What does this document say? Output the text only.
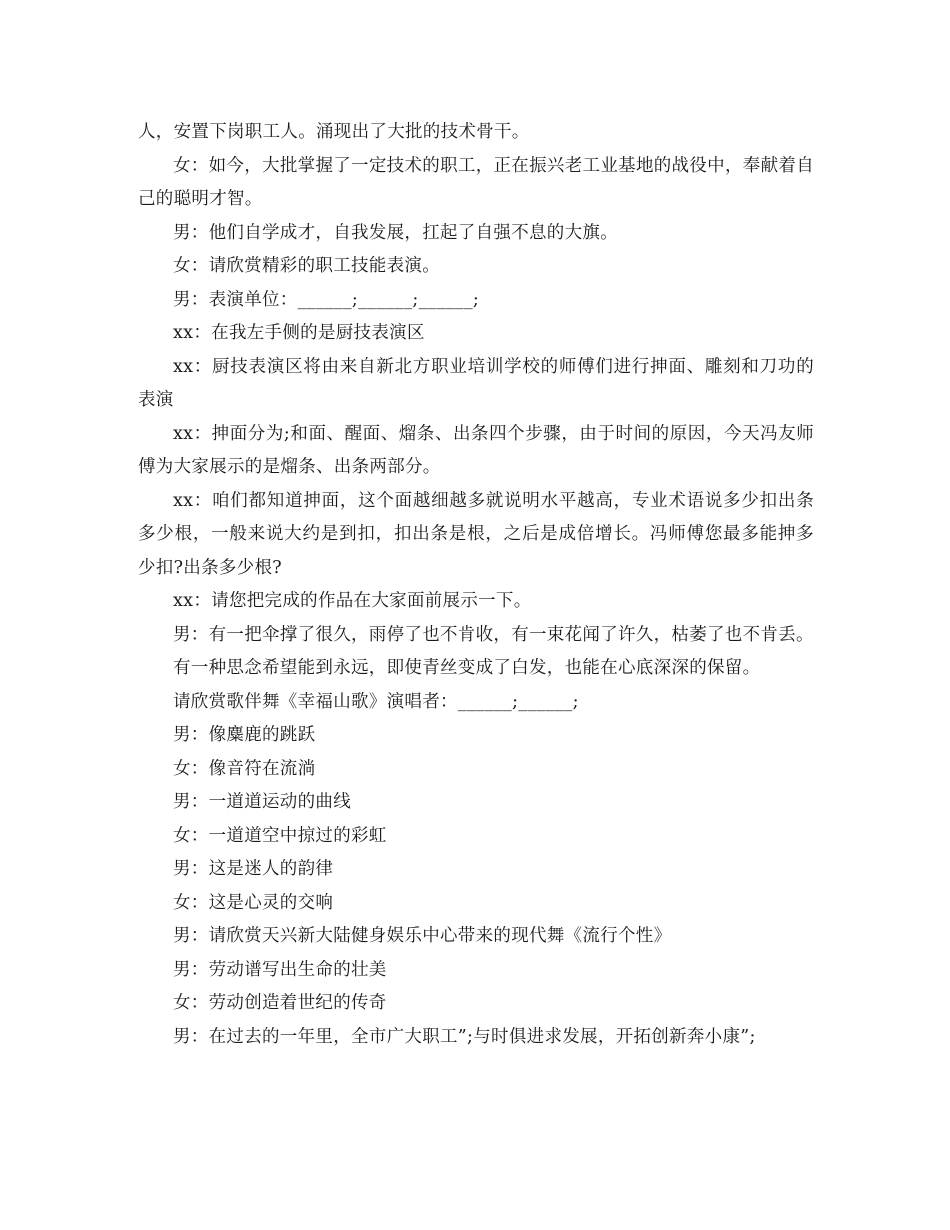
人，安置下岗职工人。涌现出了大批的技术骨干。

女：如今，大批掌握了一定技术的职工，正在振兴老工业基地的战役中，奉献着自己的聪明才智。

男：他们自学成才，自我发展，扛起了自强不息的大旗。

女：请欣赏精彩的职工技能表演。

男：表演单位：______;______;______;

xx：在我左手侧的是厨技表演区

xx：厨技表演区将由来自新北方职业培训学校的师傅们进行抻面、雕刻和刀功的表演

xx：抻面分为;和面、醒面、熘条、出条四个步骤，由于时间的原因，今天冯友师傅为大家展示的是熘条、出条两部分。

xx：咱们都知道抻面，这个面越细越多就说明水平越高，专业术语说多少扣出条多少根，一般来说大约是到扣，扣出条是根，之后是成倍增长。冯师傅您最多能抻多少扣?出条多少根?

xx：请您把完成的作品在大家面前展示一下。

男：有一把伞撑了很久，雨停了也不肯收，有一束花闻了许久，枯萎了也不肯丢。

有一种思念希望能到永远，即使青丝变成了白发，也能在心底深深的保留。

请欣赏歌伴舞《幸福山歌》演唱者：______;______;

男：像麋鹿的跳跃

女：像音符在流淌

男：一道道运动的曲线

女：一道道空中掠过的彩虹

男：这是迷人的韵律

女：这是心灵的交响

男：请欣赏天兴新大陆健身娱乐中心带来的现代舞《流行个性》

男：劳动谱写出生命的壮美

女：劳动创造着世纪的传奇

男：在过去的一年里，全市广大职工”;与时俱进求发展，开拓创新奔小康”;
